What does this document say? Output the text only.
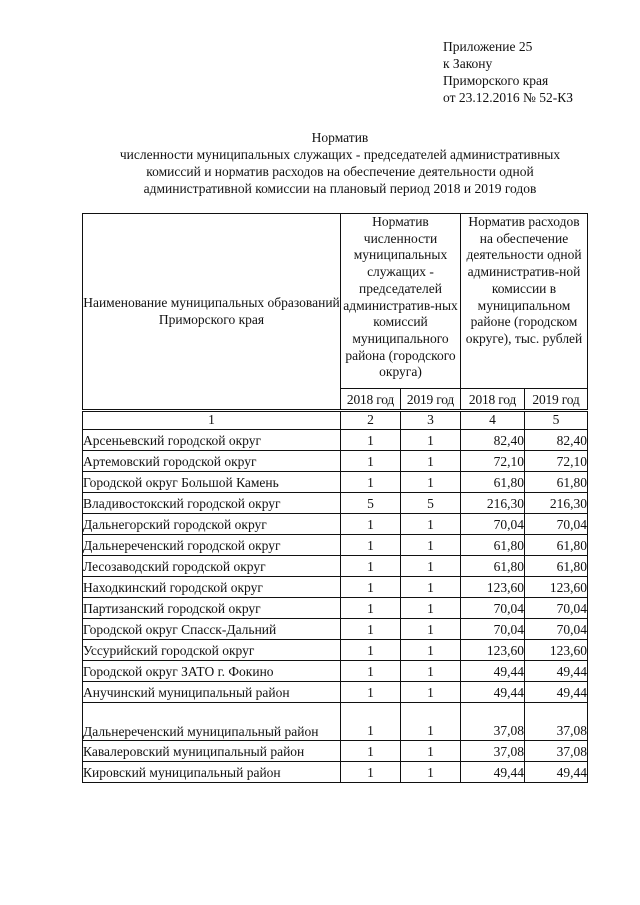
Приложение 25
к Закону
Приморского края
от 23.12.2016 № 52-КЗ
Норматив
численности муниципальных служащих - председателей административных
комиссий и норматив расходов на обеспечение деятельности одной
административной комиссии на плановый период 2018 и 2019 годов
Наименование муниципальных образований Приморского края	Норматив численности муниципальных служащих - председателей административ-ных комиссий муниципального района (городского округа)		Норматив расходов на обеспечение деятельности одной административ-ной комиссии в муниципальном районе (городском округе), тыс. рублей	
	2018 год	2019 год	2018 год	2019 год
1	2	3	4	5
Арсеньевский городской округ	1	1	82,40	82,40
Артемовский городской округ	1	1	72,10	72,10
Городской округ Большой Камень	1	1	61,80	61,80
Владивостокский городской округ	5	5	216,30	216,30
Дальнегорский городской округ	1	1	70,04	70,04
Дальнереченский городской округ	1	1	61,80	61,80
Лесозаводский городской округ	1	1	61,80	61,80
Находкинский городской округ	1	1	123,60	123,60
Партизанский городской округ	1	1	70,04	70,04
Городской округ Спасск-Дальний	1	1	70,04	70,04
Уссурийский городской округ	1	1	123,60	123,60
Городской округ ЗАТО г. Фокино	1	1	49,44	49,44
Анучинский муниципальный район	1	1	49,44	49,44
Дальнереченский муниципальный район	1	1	37,08	37,08
Кавалеровский муниципальный район	1	1	37,08	37,08
Кировский муниципальный район	1	1	49,44	49,44
